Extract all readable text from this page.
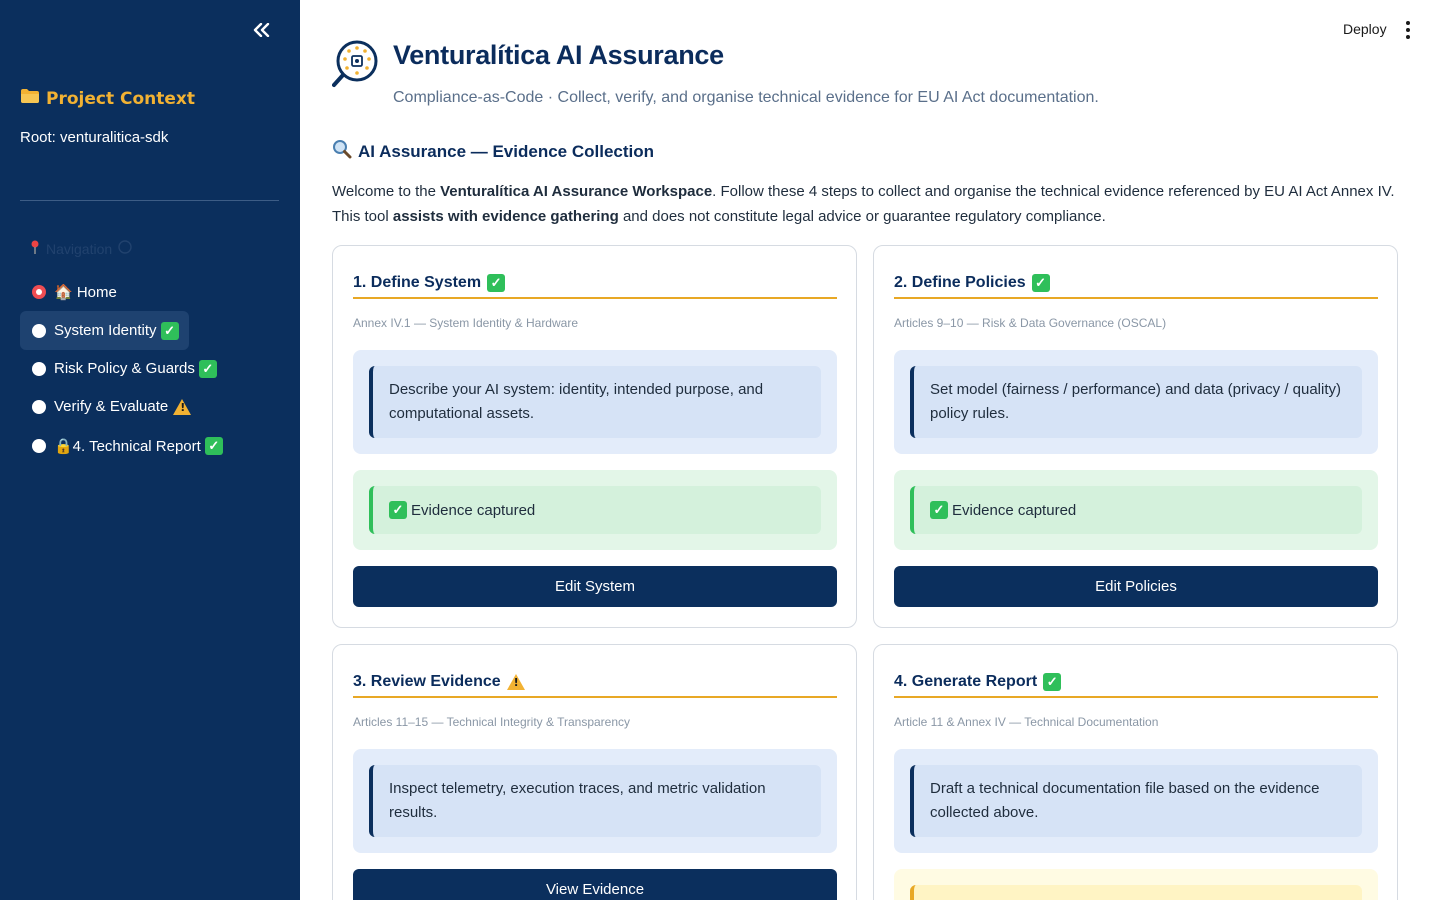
Project Context
Root: venturalitica-sdk
Navigation
🏠 Home
System Identity ✓
Risk Policy & Guards ✓
Verify & Evaluate
!
🔒4. Technical Report ✓
Deploy
Venturalítica AI Assurance
Compliance-as-Code · Collect, verify, and organise technical evidence for EU AI Act documentation.
AI Assurance — Evidence Collection

Welcome to the Venturalítica AI Assurance Workspace. Follow these 4 steps to collect and organise the technical evidence referenced by EU AI Act Annex IV. This tool assists with evidence gathering and does not constitute legal advice or guarantee regulatory compliance.

1. Define System ✓
Annex IV.1 — System Identity & Hardware
Describe your AI system: identity, intended purpose, and computational assets.
✓ Evidence captured
Edit System
2. Define Policies ✓
Articles 9–10 — Risk & Data Governance (OSCAL)
Set model (fairness / performance) and data (privacy / quality) policy rules.
✓ Evidence captured
Edit Policies
3. Review Evidence
!
Articles 11–15 — Technical Integrity & Transparency
Inspect telemetry, execution traces, and metric validation results.
View Evidence
4. Generate Report ✓
Article 11 & Annex IV — Technical Documentation
Draft a technical documentation file based on the evidence collected above.
